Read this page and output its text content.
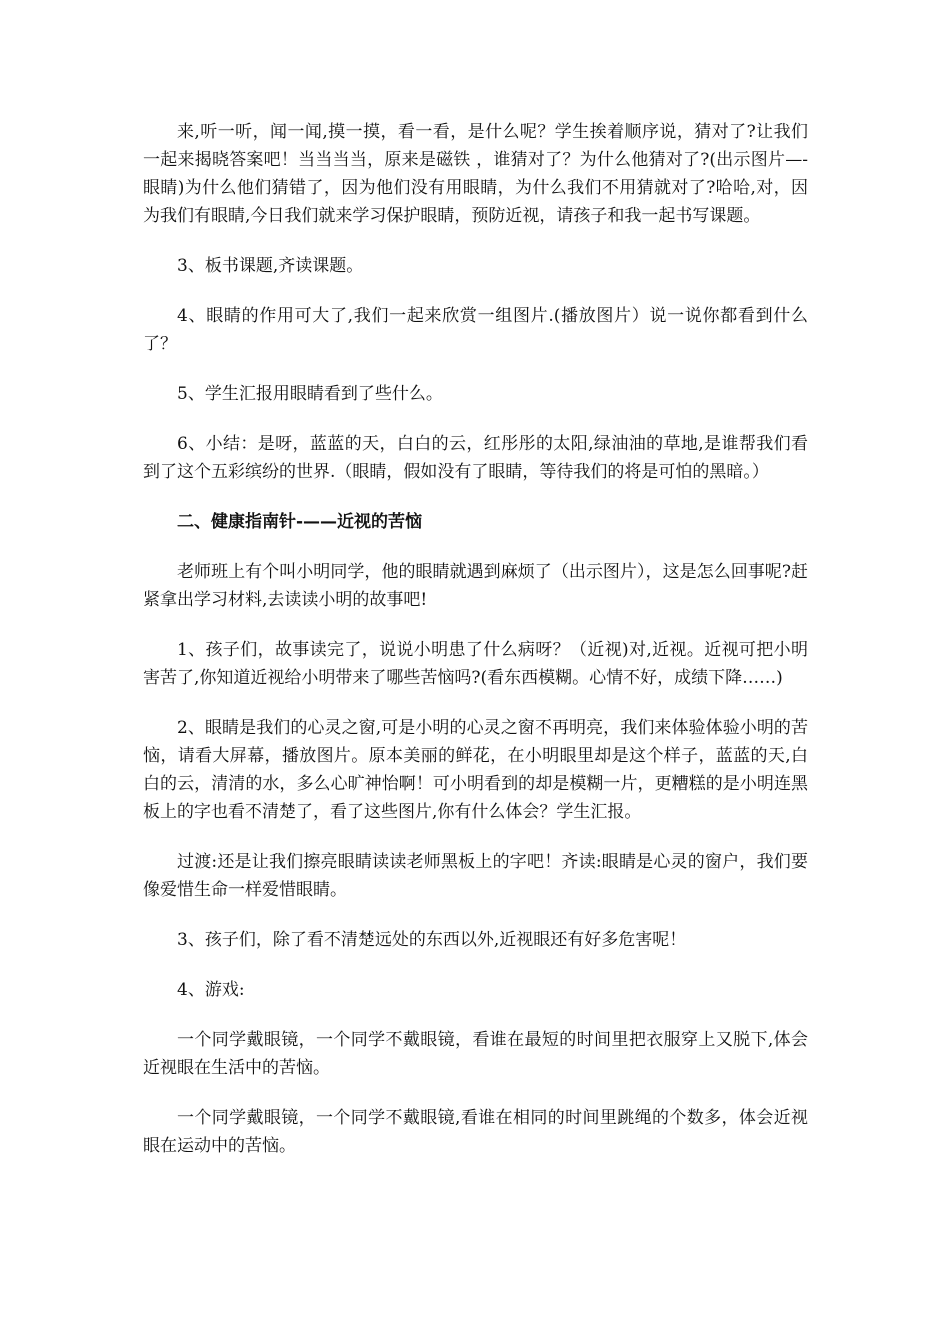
来,听一听，闻一闻,摸一摸，看一看，是什么呢？学生挨着顺序说，猜对了?让我们一起来揭晓答案吧！当当当当，原来是磁铁 ，谁猜对了？为什么他猜对了?(出示图片—-眼睛)为什么他们猜错了，因为他们没有用眼睛，为什么我们不用猜就对了?哈哈,对，因为我们有眼睛,今日我们就来学习保护眼睛，预防近视，请孩子和我一起书写课题。

3、板书课题,齐读课题。

4、眼睛的作用可大了,我们一起来欣赏一组图片.(播放图片）说一说你都看到什么了？

5、学生汇报用眼睛看到了些什么。

6、小结：是呀，蓝蓝的天，白白的云，红彤彤的太阳,绿油油的草地,是谁帮我们看到了这个五彩缤纷的世界.（眼睛，假如没有了眼睛，等待我们的将是可怕的黑暗。）

二、健康指南针-——近视的苦恼

老师班上有个叫小明同学，他的眼睛就遇到麻烦了（出示图片），这是怎么回事呢?赶紧拿出学习材料,去读读小明的故事吧!

1、孩子们，故事读完了，说说小明患了什么病呀？（近视)对,近视。近视可把小明害苦了,你知道近视给小明带来了哪些苦恼吗?(看东西模糊。心情不好，成绩下降……)

2、眼睛是我们的心灵之窗,可是小明的心灵之窗不再明亮，我们来体验体验小明的苦恼，请看大屏幕，播放图片。原本美丽的鲜花，在小明眼里却是这个样子，蓝蓝的天,白白的云，清清的水，多么心旷神怡啊！可小明看到的却是模糊一片，更糟糕的是小明连黑板上的字也看不清楚了，看了这些图片,你有什么体会？学生汇报。

过渡:还是让我们擦亮眼睛读读老师黑板上的字吧！齐读:眼睛是心灵的窗户，我们要像爱惜生命一样爱惜眼睛。

3、孩子们，除了看不清楚远处的东西以外,近视眼还有好多危害呢！

4、游戏:

一个同学戴眼镜，一个同学不戴眼镜，看谁在最短的时间里把衣服穿上又脱下,体会近视眼在生活中的苦恼。

一个同学戴眼镜，一个同学不戴眼镜,看谁在相同的时间里跳绳的个数多，体会近视眼在运动中的苦恼。
